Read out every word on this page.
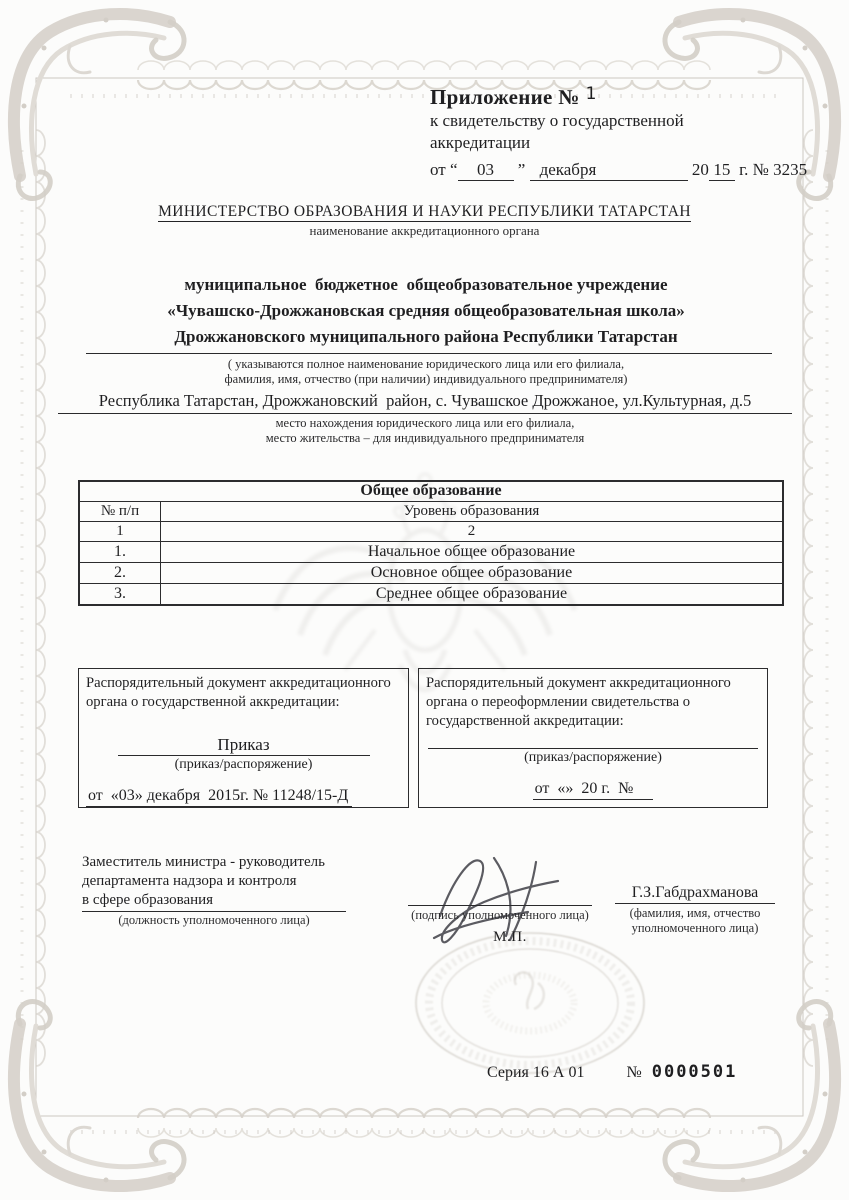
Приложение № 1
к свидетельству о государственной
аккредитации
от “ 03 ” декабря	20 15 г. № 3235
МИНИСТЕРСТВО ОБРАЗОВАНИЯ И НАУКИ РЕСПУБЛИКИ ТАТАРСТАН
наименование аккредитационного органа
муниципальное  бюджетное  общеобразовательное учреждение
«Чувашско-Дрожжановская средняя общеобразовательная школа»
Дрожжановского муниципального района Республики Татарстан
( указываются полное наименование юридического лица или его филиала,
фамилия, имя, отчество (при наличии) индивидуального предпринимателя)
Республика Татарстан, Дрожжановский  район, с. Чувашское Дрожжаное, ул.Культурная, д.5
место нахождения юридического лица или его филиала,
место жительства – для индивидуального предпринимателя
Общее образование
№ п/п	Уровень образования
1	2
1.	Начальное общее образование
2.	Основное общее образование
3.	Среднее общее образование
Распорядительный документ аккредитационного органа о государственной аккредитации:
Приказ
(приказ/распоряжение)
от  «03» декабря  2015г. № 11248/15-Д
Распорядительный документ аккредитационного органа о переоформлении свидетельства о государственной аккредитации:
(приказ/распоряжение)
от  «»  20 г.  №
Заместитель министра - руководитель
департамента надзора и контроля
в сфере образования
(должность уполномоченного лица)	(подпись уполномоченного лица)
М.П.
Г.З.Габдрахманова
(фамилия, имя, отчество
уполномоченного лица)
Серия 16 А 01	№ 0000501
